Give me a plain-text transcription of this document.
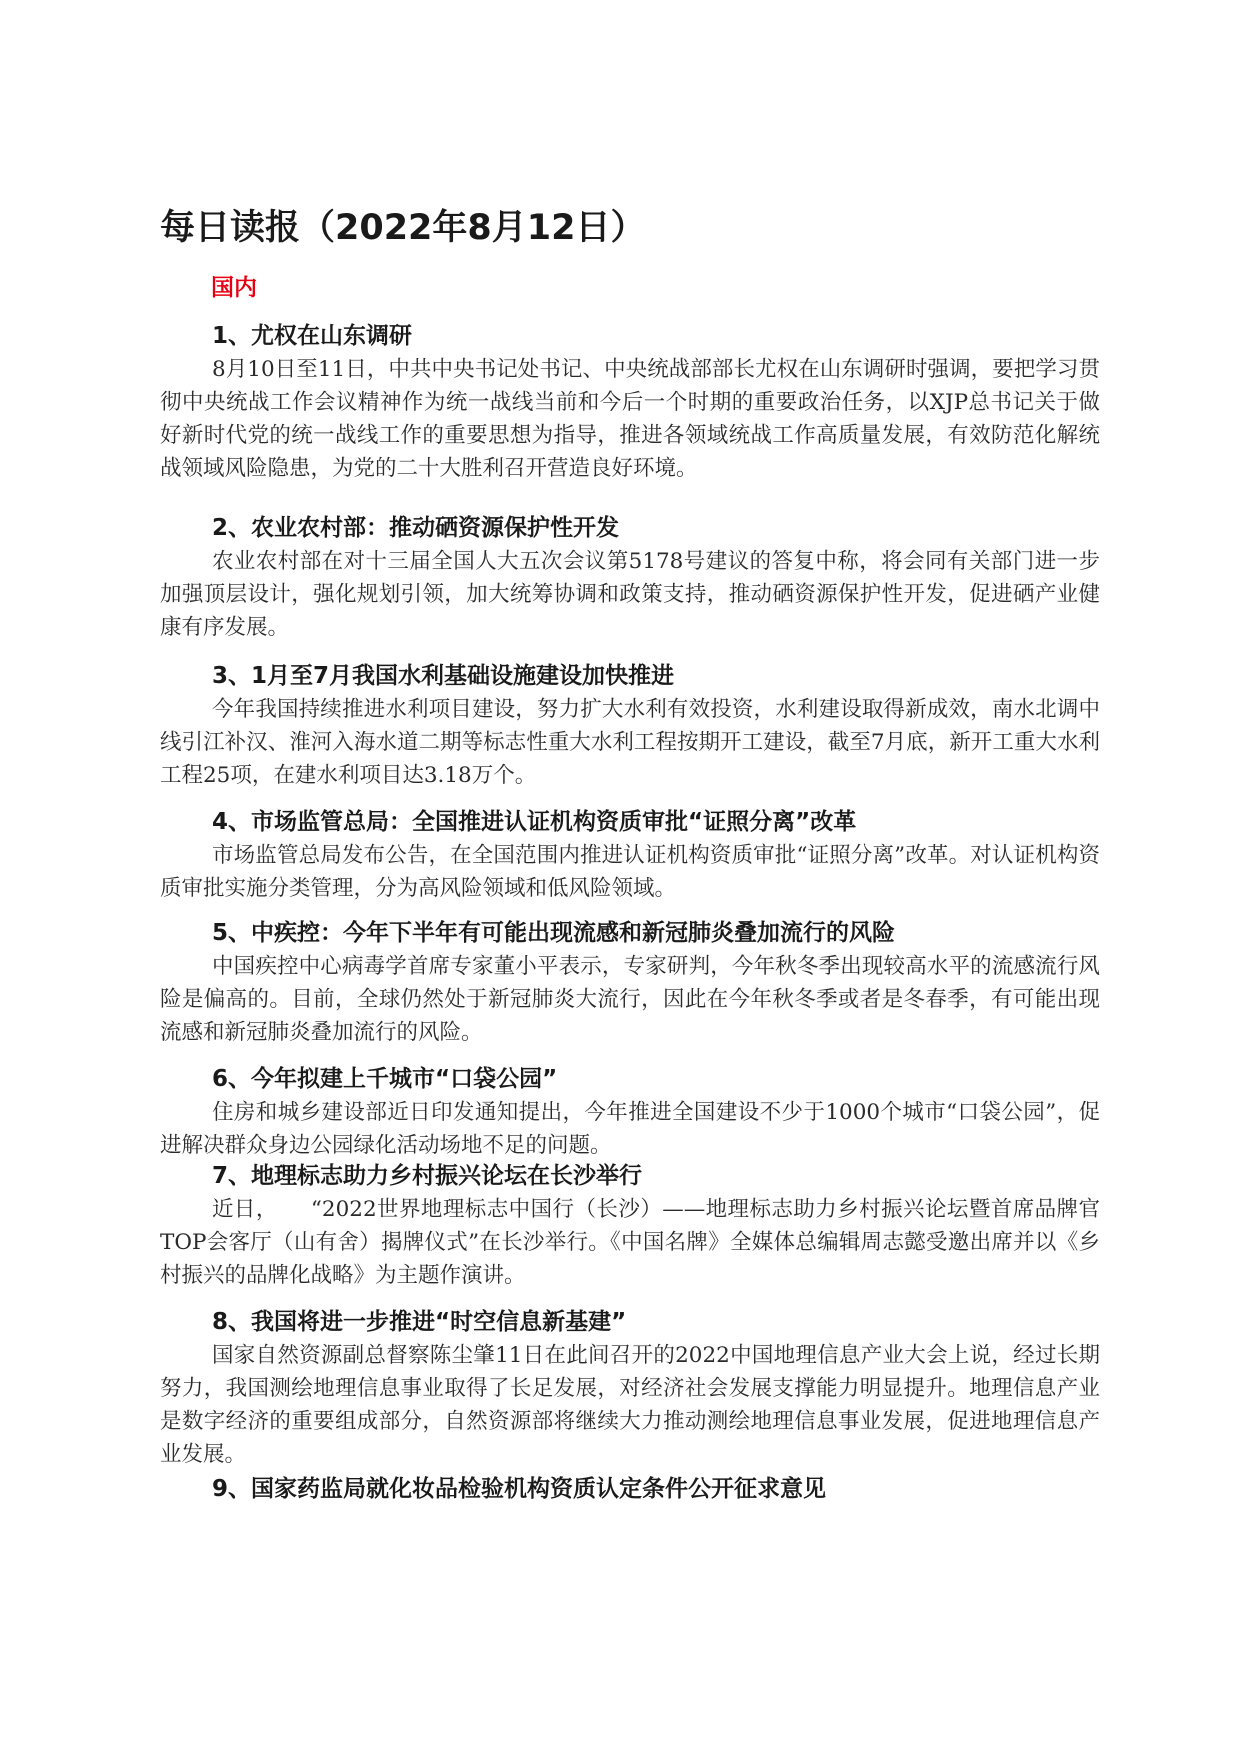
每日读报（2022年8月12日）
国内
1、尤权在山东调研

8月10日至11日，中共中央书记处书记、中央统战部部长尤权在山东调研时强调，要把学习贯彻中央统战工作会议精神作为统一战线当前和今后一个时期的重要政治任务，以XJP总书记关于做好新时代党的统一战线工作的重要思想为指导，推进各领域统战工作高质量发展，有效防范化解统战领域风险隐患，为党的二十大胜利召开营造良好环境。

2、农业农村部：推动硒资源保护性开发

农业农村部在对十三届全国人大五次会议第5178号建议的答复中称，将会同有关部门进一步加强顶层设计，强化规划引领，加大统筹协调和政策支持，推动硒资源保护性开发，促进硒产业健康有序发展。

3、1月至7月我国水利基础设施建设加快推进

今年我国持续推进水利项目建设，努力扩大水利有效投资，水利建设取得新成效，南水北调中线引江补汉、淮河入海水道二期等标志性重大水利工程按期开工建设，截至7月底，新开工重大水利工程25项，在建水利项目达3.18万个。

4、市场监管总局：全国推进认证机构资质审批“证照分离”改革

市场监管总局发布公告，在全国范围内推进认证机构资质审批“证照分离”改革。对认证机构资质审批实施分类管理，分为高风险领域和低风险领域。

5、中疾控：今年下半年有可能出现流感和新冠肺炎叠加流行的风险

中国疾控中心病毒学首席专家董小平表示，专家研判，今年秋冬季出现较高水平的流感流行风险是偏高的。目前，全球仍然处于新冠肺炎大流行，因此在今年秋冬季或者是冬春季，有可能出现流感和新冠肺炎叠加流行的风险。

6、今年拟建上千城市“口袋公园”

住房和城乡建设部近日印发通知提出，今年推进全国建设不少于1000个城市“口袋公园”，促进解决群众身边公园绿化活动场地不足的问题。

7、地理标志助力乡村振兴论坛在长沙举行

近日，　　“2022世界地理标志中国行（长沙）——地理标志助力乡村振兴论坛暨首席品牌官TOP会客厅（山有舍）揭牌仪式”在长沙举行。《中国名牌》全媒体总编辑周志懿受邀出席并以《乡村振兴的品牌化战略》为主题作演讲。

8、我国将进一步推进“时空信息新基建”

国家自然资源副总督察陈尘肇11日在此间召开的2022中国地理信息产业大会上说，经过长期努力，我国测绘地理信息事业取得了长足发展，对经济社会发展支撑能力明显提升。地理信息产业是数字经济的重要组成部分，自然资源部将继续大力推动测绘地理信息事业发展，促进地理信息产业发展。

9、国家药监局就化妆品检验机构资质认定条件公开征求意见
